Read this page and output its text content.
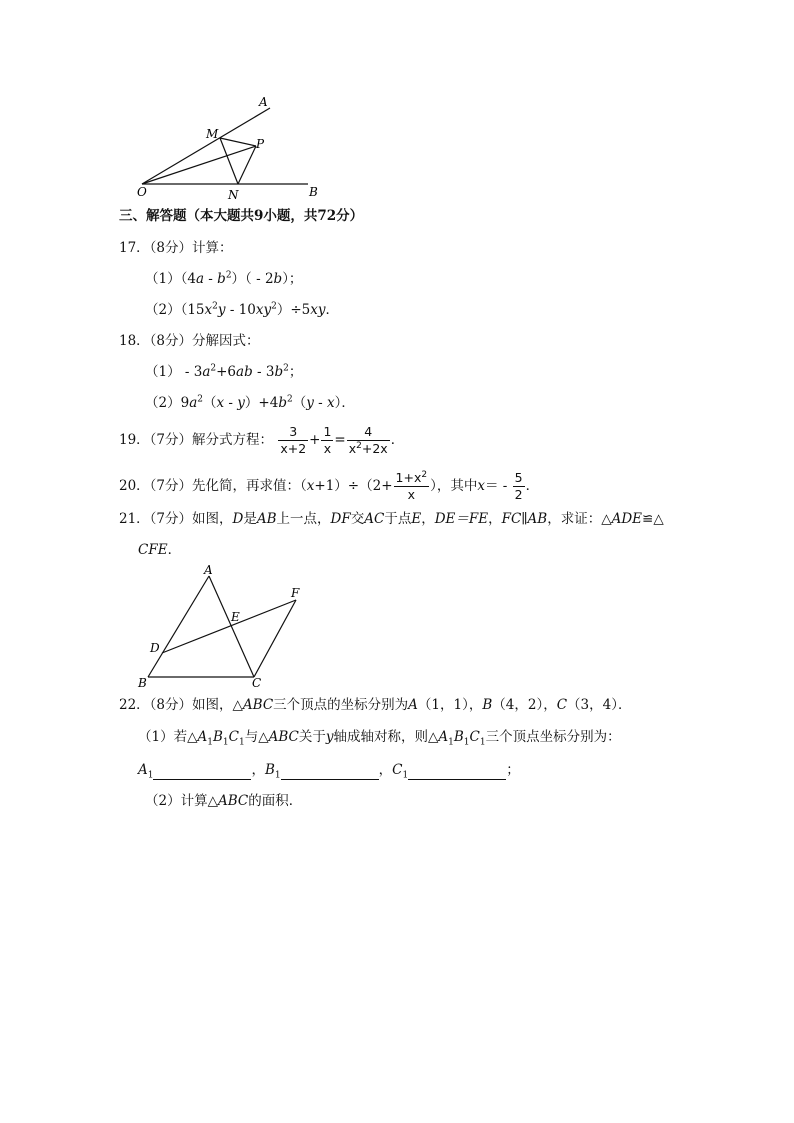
A
M
P
O	N	B
三、解答题（本大题共9小题，共72分）
17．（8分）计算：
$(1)(4a - b^2)( - 2b)$；
$(2)(15x^2y - 10xy^2)\div 5xy$．
18．（8分）分解因式：
$(1) - 3a^2+6ab - 3b^2$；
$(2)9a^2(x - y)+4b^2(y - x)$．
19．（7分）解分式方程： $\frac{3}{x+2} + \frac{1}{x} = \frac{4}{x^2+2x}$ ．
20．（7分）先化简，再求值：$(x+1)\div(2+ \frac{1+x^2}{x}$ ），其中$x= - \frac{5}{2}$ ．
21．（7分）如图，D是AB上一点，DF交AC于点E，DE＝FE，FC∥AB，求证：△ADE≌△
CFE．
A
F
E
D
B	C
22．（8分）如图，△ABC三个顶点的坐标分别为A（1，1），B（4，2），C（3，4）．
（1）若$\triangle A_1B_1C_1$与△ABC关于y轴成轴对称，则$\triangle A_1B_1C_1$三个顶点坐标分别为：
$A_1$	，$B_1$	，$C_1$	；
（2）计算△ABC的面积．
